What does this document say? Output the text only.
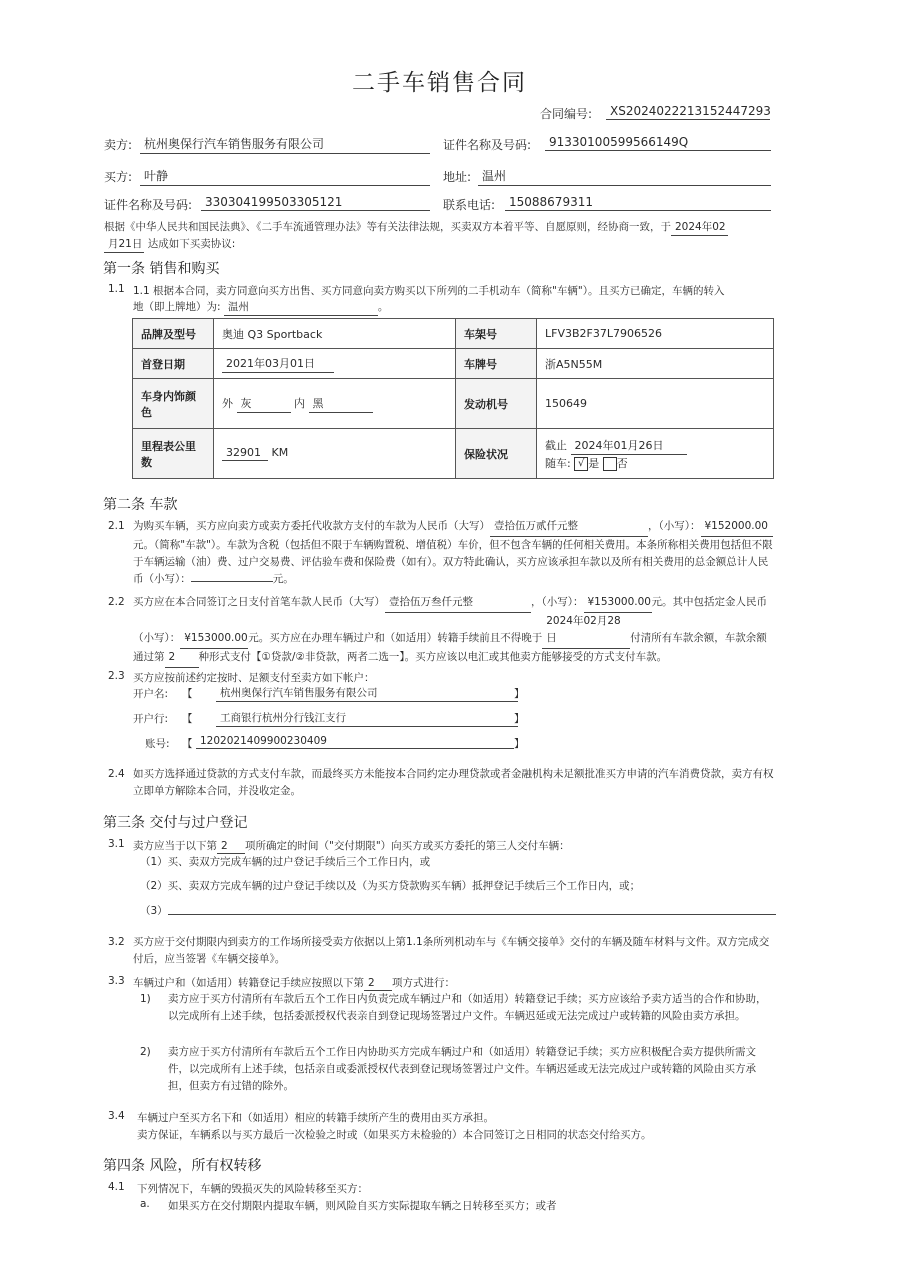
二手车销售合同
合同编号:	XS20240222131524472​93
卖方: 杭州奥保行汽车销售服务有限公司	证件名称及号码:	91330100599566149Q
买方: 叶静	地址: 温州
证件名称及号码:	330304199503305121	联系电话:	15088679311
根据《中华人民共和国民法典》、《二手车流通管理办法》等有关法律法规，买卖双方本着平等、自愿原则，经协商一致，于 2024年02
月21日 达成如下买卖协议:
第一条 销售和购买
1.1 1.1 根据本合同，卖方同意向买方出售、买方同意向卖方购买以下所列的二手机动车（简称"车辆"）。且买方已确定，车辆的转入
地（即上牌地）为: 温州	。
品牌及型号	奥迪 Q3 Sportback	车架号	LFV3B2F37L7906526
首登日期	2021年03月01日	车牌号	浙A5N55M
车身内饰颜色	外 灰 内 黑	发动机号	150649
里程表公里数	32901 KM	保险状况	截止 2024年01月26日
随车: √ 是 否
第二条 车款
2.1 为购买车辆，买方应向卖方或卖方委托代收款方支付的车款为人民币（大写） 壹拾伍万贰仟元整	，（小写）： ¥152000.00元。（简称"车款"）。车款为含税（包括但不限于车辆购置税、增值税）车价，但不包含车辆的任何相关费用。本条所称相关费用包括但不限于车辆运输（油）费、过户交易费、评估验车费和保险费（如有）。双方特此确认，买方应该承担车款以及所有相关费用的总金额总计人民币（小写）：	元。
2.2 买方应在本合同签订之日支付首笔车款人民币（大写） 壹拾伍万叁仟元整	，（小写）： ¥153000.00元。其中包括定金人民币（小写）： ¥153000.00元。买方应在办理车辆过户和（如适用）转籍手续前且不得晚于2024年02月28日	付清所有车款余额，车款余额通过第 2 种形式支付【①贷款/②非贷款，两者二选一】。买方应该以电汇或其他卖方能够接受的方式支付车款。
2.3 买方应按前述约定按时、足额支付至卖方如下帐户：
开户名: 【	杭州奥保行汽车销售服务有限公司	】
开户行: 【	工商银行杭州分行钱江支行	】
账号: 【 1202021409900230409	】
2.4 如买方选择通过贷款的方式支付车款，而最终买方未能按本合同约定办理贷款或者金融机构未足额批准买方申请的汽车消费贷款，卖方有权立即单方解除本合同，并没收定金。
第三条 交付与过户登记
3.1 卖方应当于以下第 2 项所确定的时间（"交付期限"）向买方或买方委托的第三人交付车辆：
（1）买、卖双方完成车辆的过户登记手续后三个工作日内，或
（2）买、卖双方完成车辆的过户登记手续以及（为买方贷款购买车辆）抵押登记手续后三个工作日内，或；
（3）
3.2 买方应于交付期限内到卖方的工作场所接受卖方依据以上第1.1条所列机动车与《车辆交接单》交付的车辆及随车材料与文件。双方完成交付后，应当签署《车辆交接单》。
3.3 车辆过户和（如适用）转籍登记手续应按照以下第 2 项方式进行：
1) 卖方应于买方付清所有车款后五个工作日内负责完成车辆过户和（如适用）转籍登记手续；买方应该给予卖方适当的合作和协助，以完成所有上述手续，包括委派授权代表亲自到登记现场签署过户文件。车辆迟延或无法完成过户或转籍的风险由卖方承担。
2) 卖方应于买方付清所有车款后五个工作日内协助买方完成车辆过户和（如适用）转籍登记手续；买方应积极配合卖方提供所需文件，以完成所有上述手续，包括亲自或委派授权代表到登记现场签署过户文件。车辆迟延或无法完成过户或转籍的风险由买方承担，但卖方有过错的除外。
3.4 车辆过户至买方名下和（如适用）相应的转籍手续所产生的费用由买方承担。
卖方保证，车辆系以与买方最后一次检验之时或（如果买方未检验的）本合同签订之日相同的状态交付给买方。
第四条 风险，所有权转移
4.1 下列情况下，车辆的毁损灭失的风险转移至买方：
a. 如果买方在交付期限内提取车辆，则风险自买方实际提取车辆之日转移至买方；或者
